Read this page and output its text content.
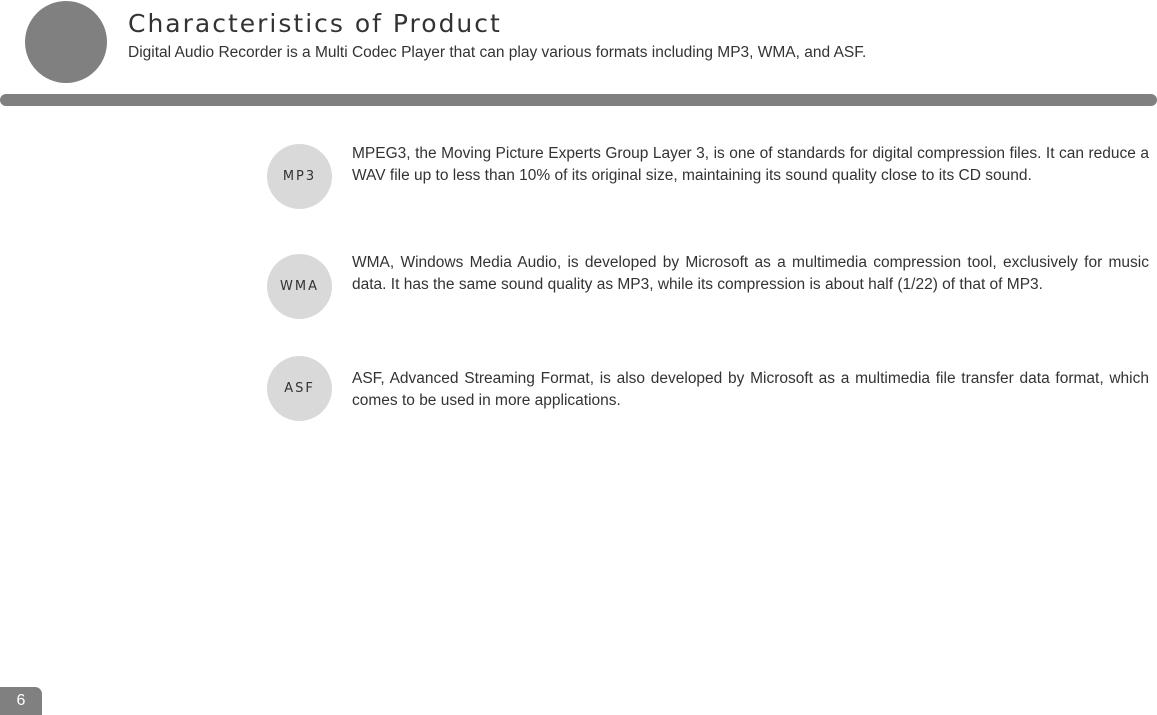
Characteristics of Product

Digital Audio Recorder is a Multi Codec Player that can play various formats including MP3, WMA, and ASF.

MP3

MPEG3, the Moving Picture Experts Group Layer 3, is one of standards for digital compression files. It can reduce a WAV file up to less than 10% of its original size, maintaining its sound quality close to its CD sound.

WMA

WMA, Windows Media Audio, is developed by Microsoft as a multimedia compression tool, exclusively for music data. It has the same sound quality as MP3, while its compression is about half (1/22) of that of MP3.

ASF

ASF, Advanced Streaming Format, is also developed by Microsoft as a multimedia file transfer data format, which comes to be used in more applications.

6
